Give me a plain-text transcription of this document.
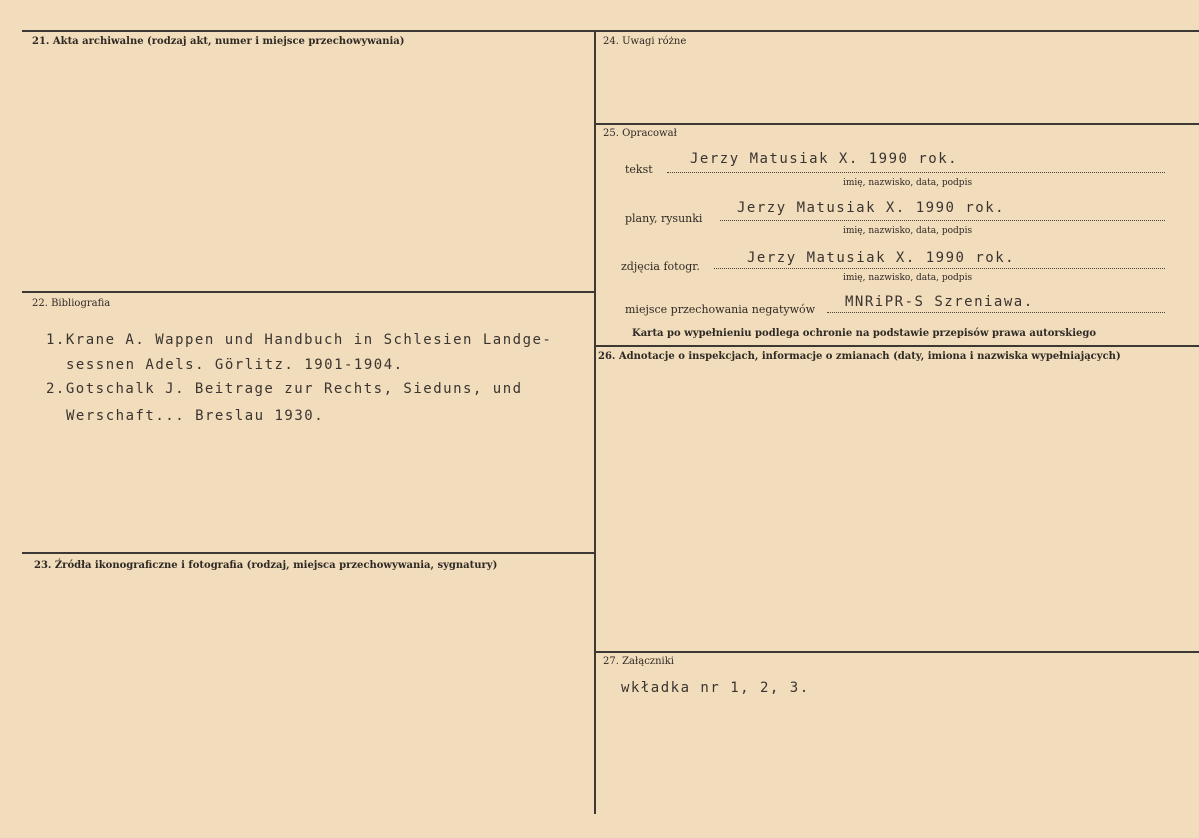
21. Akta archiwalne (rodzaj akt, numer i miejsce przechowywania)
22. Bibliografia
1.Krane A. Wappen und Handbuch in Schlesien Landge-
sessnen Adels. Görlitz. 1901-1904.
2.Gotschalk J. Beitrage zur Rechts, Sieduns, und
Werschaft... Breslau 1930.
23. Źródła ikonograficzne i fotografia (rodzaj, miejsca przechowywania, sygnatury)
24. Uwagi różne
25. Opracował
tekst
Jerzy Matusiak X. 1990 rok.
imię, nazwisko, data, podpis
plany, rysunki
Jerzy Matusiak X. 1990 rok.
imię, nazwisko, data, podpis
zdjęcia fotogr.
Jerzy Matusiak X. 1990 rok.
imię, nazwisko, data, podpis
miejsce przechowania negatywów MNRiPR-S Szreniawa.
Karta po wypełnieniu podlega ochronie na podstawie przepisów prawa autorskiego
26. Adnotacje o inspekcjach, informacje o zmianach (daty, imiona i nazwiska wypełniających)
27. Załączniki
wkładka nr 1, 2, 3.
